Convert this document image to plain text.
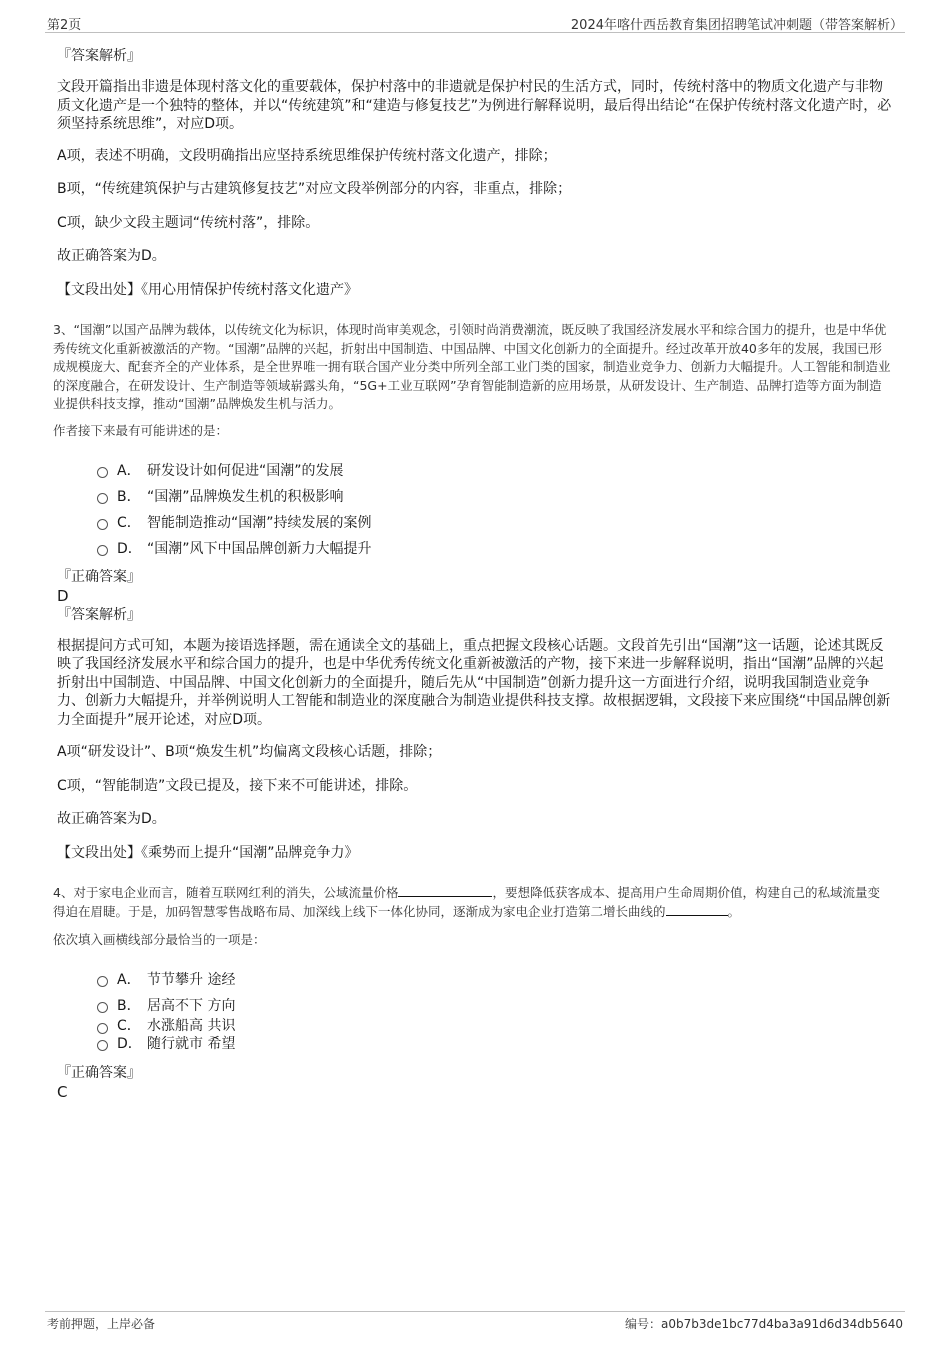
第2页	2024年喀什西岳教育集团招聘笔试冲刺题（带答案解析）

『答案解析』

文段开篇指出非遗是体现村落文化的重要载体，保护村落中的非遗就是保护村民的生活方式，同时，传统村落中的物质文化遗产与非物质文化遗产是一个独特的整体，并以“传统建筑”和“建造与修复技艺”为例进行解释说明，最后得出结论“在保护传统村落文化遗产时，必须坚持系统思维”，对应D项。

A项，表述不明确，文段明确指出应坚持系统思维保护传统村落文化遗产，排除；

B项，“传统建筑保护与古建筑修复技艺”对应文段举例部分的内容，非重点，排除；

C项，缺少文段主题词“传统村落”，排除。

故正确答案为D。

【文段出处】《用心用情保护传统村落文化遗产》

3、“国潮”以国产品牌为载体，以传统文化为标识，体现时尚审美观念，引领时尚消费潮流，既反映了我国经济发展水平和综合国力的提升，也是中华优秀传统文化重新被激活的产物。“国潮”品牌的兴起，折射出中国制造、中国品牌、中国文化创新力的全面提升。经过改革开放40多年的发展，我国已形成规模庞大、配套齐全的产业体系，是全世界唯一拥有联合国产业分类中所列全部工业门类的国家，制造业竞争力、创新力大幅提升。人工智能和制造业的深度融合，在研发设计、生产制造等领域崭露头角，“5G+工业互联网”孕育智能制造新的应用场景，从研发设计、生产制造、品牌打造等方面为制造业提供科技支撑，推动“国潮”品牌焕发生机与活力。

作者接下来最有可能讲述的是：

A． 研发设计如何促进“国潮”的发展
B． “国潮”品牌焕发生机的积极影响
C． 智能制造推动“国潮”持续发展的案例
D． “国潮”风下中国品牌创新力大幅提升

『正确答案』

D

『答案解析』

根据提问方式可知，本题为接语选择题，需在通读全文的基础上，重点把握文段核心话题。文段首先引出“国潮”这一话题，论述其既反映了我国经济发展水平和综合国力的提升，也是中华优秀传统文化重新被激活的产物，接下来进一步解释说明，指出“国潮”品牌的兴起折射出中国制造、中国品牌、中国文化创新力的全面提升，随后先从“中国制造”创新力提升这一方面进行介绍，说明我国制造业竞争力、创新力大幅提升，并举例说明人工智能和制造业的深度融合为制造业提供科技支撑。故根据逻辑，文段接下来应围绕“中国品牌创新力全面提升”展开论述，对应D项。

A项“研发设计”、B项“焕发生机”均偏离文段核心话题，排除；

C项，“智能制造”文段已提及，接下来不可能讲述，排除。

故正确答案为D。

【文段出处】《乘势而上提升“国潮”品牌竞争力》

4、对于家电企业而言，随着互联网红利的消失，公域流量价格	，要想降低获客成本、提高用户生命周期价值，构建自己的私域流量变得迫在眉睫。于是，加码智慧零售战略布局、加深线上线下一体化协同，逐渐成为家电企业打造第二增长曲线的	。

依次填入画横线部分最恰当的一项是：

A． 节节攀升 途经
B． 居高不下 方向
C． 水涨船高 共识
D． 随行就市 希望

『正确答案』

C

考前押题，上岸必备	编号：a0b7b3de1bc77d4ba3a91d6d34db5640
